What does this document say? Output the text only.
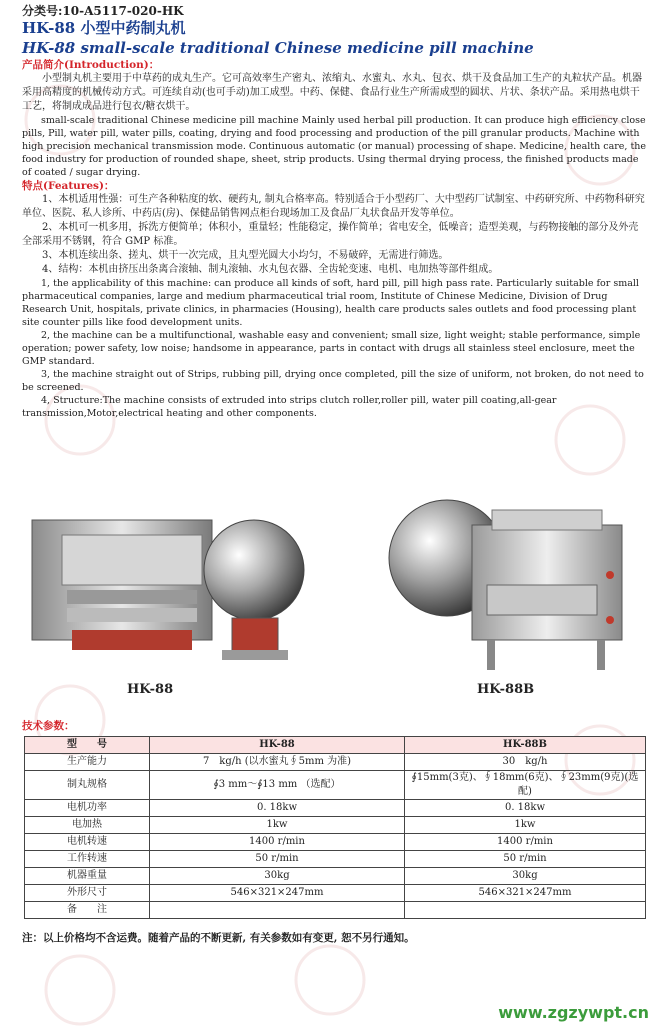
分类号:10-A5117-020-HK
HK-88 小型中药制丸机
HK-88 small-scale traditional Chinese medicine pill machine
产品简介(Introduction)：

小型制丸机主要用于中草药的成丸生产。它可高效率生产密丸、浓缩丸、水蜜丸、水丸、包衣、烘干及食品加工生产的丸粒状产品。机器采用高精度的机械传动方式。可连续自动(也可手动)加工成型。中药、保健、食品行业生产所需成型的圆状、片状、条状产品。采用热电烘干工艺，将制成成品进行包衣/糖衣烘干。

small-scale traditional Chinese medicine pill machine Mainly used herbal pill production. It can produce high efficiency close pills, Pill, water pill, water pills, coating, drying and food processing and production of the pill granular products. Machine with high precision mechanical transmission mode. Continuous automatic (or manual) processing of shape. Medicine, health care, the food industry for production of rounded shape, sheet, strip products. Using thermal drying process, the finished products made of coated / sugar drying.

特点(Features)：

1、本机适用性强：可生产各种粘度的软、硬药丸, 制丸合格率高。特别适合于小型药厂、大中型药厂试制室、中药研究所、中药物科研究单位、医院、私人诊所、中药店(房)、保健品销售网点柜台现场加工及食品厂丸状食品开发等单位。

2、本机可一机多用，拆洗方便简单；体积小，重量轻；性能稳定，操作简单；省电安全，低噪音；造型美观，与药物接触的部分及外壳全部采用不锈钢，符合 GMP 标准。

3、本机连续出条、搓丸、烘干一次完成，且丸型光圆大小均匀，不易破碎，无需进行筛选。

4、结构：本机由挤压出条离合滚轴、制丸滚轴、水丸包衣器、全齿轮变速、电机、电加热等部件组成。

1, the applicability of this machine: can produce all kinds of soft, hard pill, pill high pass rate. Particularly suitable for small pharmaceutical companies, large and medium pharmaceutical trial room, Institute of Chinese Medicine, Division of Drug Research Unit, hospitals, private clinics, in pharmacies (Housing), health care products sales outlets and food processing plant site counter pills like food development units.

2, the machine can be a multifunctional, washable easy and convenient; small size, light weight; stable performance, simple operation; power safety, low noise; handsome in appearance, parts in contact with drugs all stainless steel enclosure, meet the GMP standard.

3, the machine straight out of Strips, rubbing pill, drying once completed, pill the size of uniform, not broken, do not need to be screened.

4, Structure:The machine consists of extruded into strips clutch roller,roller pill, water pill coating,all-gear transmission,Motor,electrical heating and other components.

HK-88	HK-88B
技术参数：
型　　号	HK-88	HK-88B
生产能力	7　kg/h (以水蜜丸∮5mm 为准)	30　kg/h
制丸规格	∮3 mm～∮13 mm （选配）	∮15mm(3克)、∮18mm(6克)、∮23mm(9克)(选配)
电机功率	0. 18kw	0. 18kw
电加热	1kw	1kw
电机转速	1400 r/min	1400 r/min
工作转速	50 r/min	50 r/min
机器重量	30kg	30kg
外形尺寸	546×321×247mm	546×321×247mm
备　　注		
注：以上价格均不含运费。随着产品的不断更新, 有关参数如有变更, 恕不另行通知。
www.zgzywpt.cn
